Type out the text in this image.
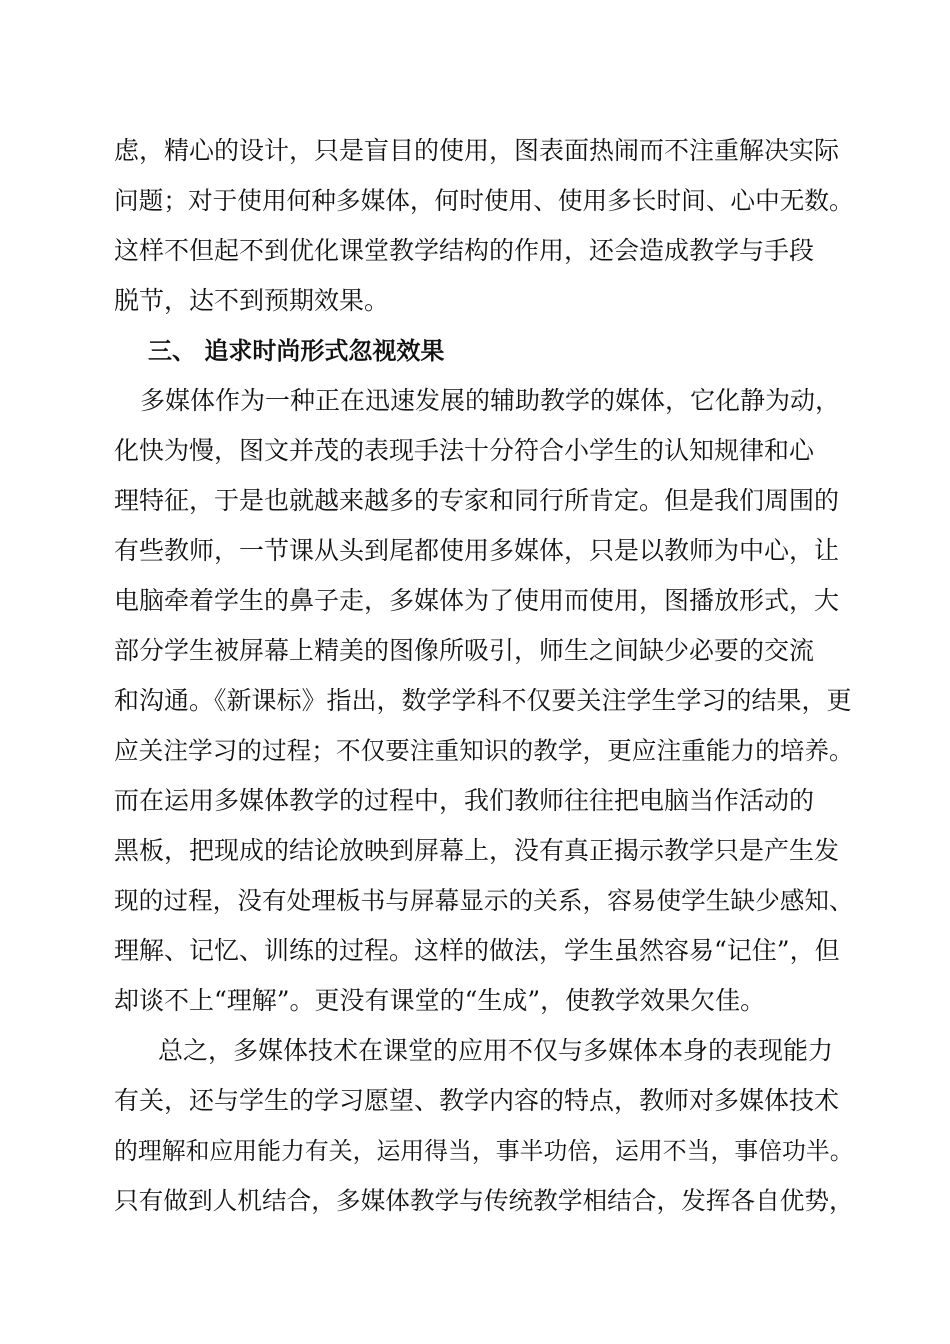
虑，精心的设计，只是盲目的使用，图表面热闹而不注重解决实际
问题；对于使用何种多媒体，何时使用、使用多长时间、心中无数。
这样不但起不到优化课堂教学结构的作用，还会造成教学与手段
脱节，达不到预期效果。
三、 追求时尚形式忽视效果
多媒体作为一种正在迅速发展的辅助教学的媒体，它化静为动，
化快为慢，图文并茂的表现手法十分符合小学生的认知规律和心
理特征，于是也就越来越多的专家和同行所肯定。但是我们周围的
有些教师，一节课从头到尾都使用多媒体，只是以教师为中心，让
电脑牵着学生的鼻子走，多媒体为了使用而使用，图播放形式，大
部分学生被屏幕上精美的图像所吸引，师生之间缺少必要的交流
和沟通。《新课标》指出，数学学科不仅要关注学生学习的结果，更
应关注学习的过程；不仅要注重知识的教学，更应注重能力的培养。
而在运用多媒体教学的过程中，我们教师往往把电脑当作活动的
黑板，把现成的结论放映到屏幕上，没有真正揭示教学只是产生发
现的过程，没有处理板书与屏幕显示的关系，容易使学生缺少感知、
理解、记忆、训练的过程。这样的做法，学生虽然容易“记住”，但
却谈不上“理解”。更没有课堂的“生成”，使教学效果欠佳。
总之，多媒体技术在课堂的应用不仅与多媒体本身的表现能力
有关，还与学生的学习愿望、教学内容的特点，教师对多媒体技术
的理解和应用能力有关，运用得当，事半功倍，运用不当，事倍功半。
只有做到人机结合，多媒体教学与传统教学相结合，发挥各自优势，
